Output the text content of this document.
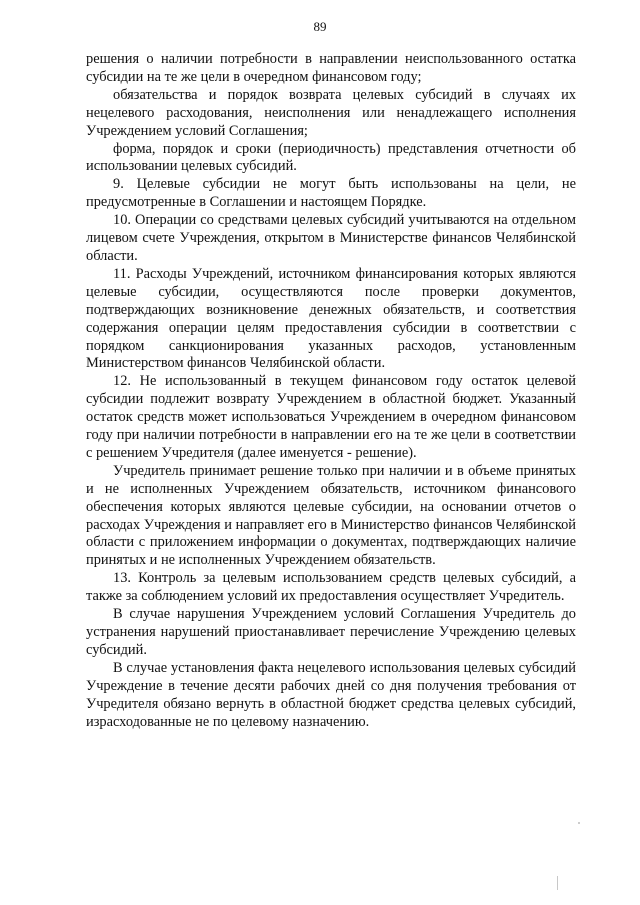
89

решения о наличии потребности в направлении неиспользованного остатка субсидии на те же цели в очередном финансовом году;

обязательства и порядок возврата целевых субсидий в случаях их нецелевого расходования, неисполнения или ненадлежащего исполнения Учреждением условий Соглашения;

форма, порядок и сроки (периодичность) представления отчетности об использовании целевых субсидий.

9. Целевые субсидии не могут быть использованы на цели, не предусмотренные в Соглашении и настоящем Порядке.

10. Операции со средствами целевых субсидий учитываются на отдельном лицевом счете Учреждения, открытом в Министерстве финансов Челябинской области.

11. Расходы Учреждений, источником финансирования которых являются целевые субсидии, осуществляются после проверки документов, подтверждающих возникновение денежных обязательств, и соответствия содержания операции целям предоставления субсидии в соответствии с порядком санкционирования указанных расходов, установленным Министерством финансов Челябинской области.

12. Не использованный в текущем финансовом году остаток целевой субсидии подлежит возврату Учреждением в областной бюджет. Указанный остаток средств может использоваться Учреждением в очередном финансовом году при наличии потребности в направлении его на те же цели в соответствии с решением Учредителя (далее именуется - решение).

Учредитель принимает решение только при наличии и в объеме принятых и не исполненных Учреждением обязательств, источником финансового обеспечения которых являются целевые субсидии, на основании отчетов о расходах Учреждения и направляет его в Министерство финансов Челябинской области с приложением информации о документах, подтверждающих наличие принятых и не исполненных Учреждением обязательств.

13. Контроль за целевым использованием средств целевых субсидий, а также за соблюдением условий их предоставления осуществляет Учредитель.

В случае нарушения Учреждением условий Соглашения Учредитель до устранения нарушений приостанавливает перечисление Учреждению целевых субсидий.

В случае установления факта нецелевого использования целевых субсидий Учреждение в течение десяти рабочих дней со дня получения требования от Учредителя обязано вернуть в областной бюджет средства целевых субсидий, израсходованные не по целевому назначению.
